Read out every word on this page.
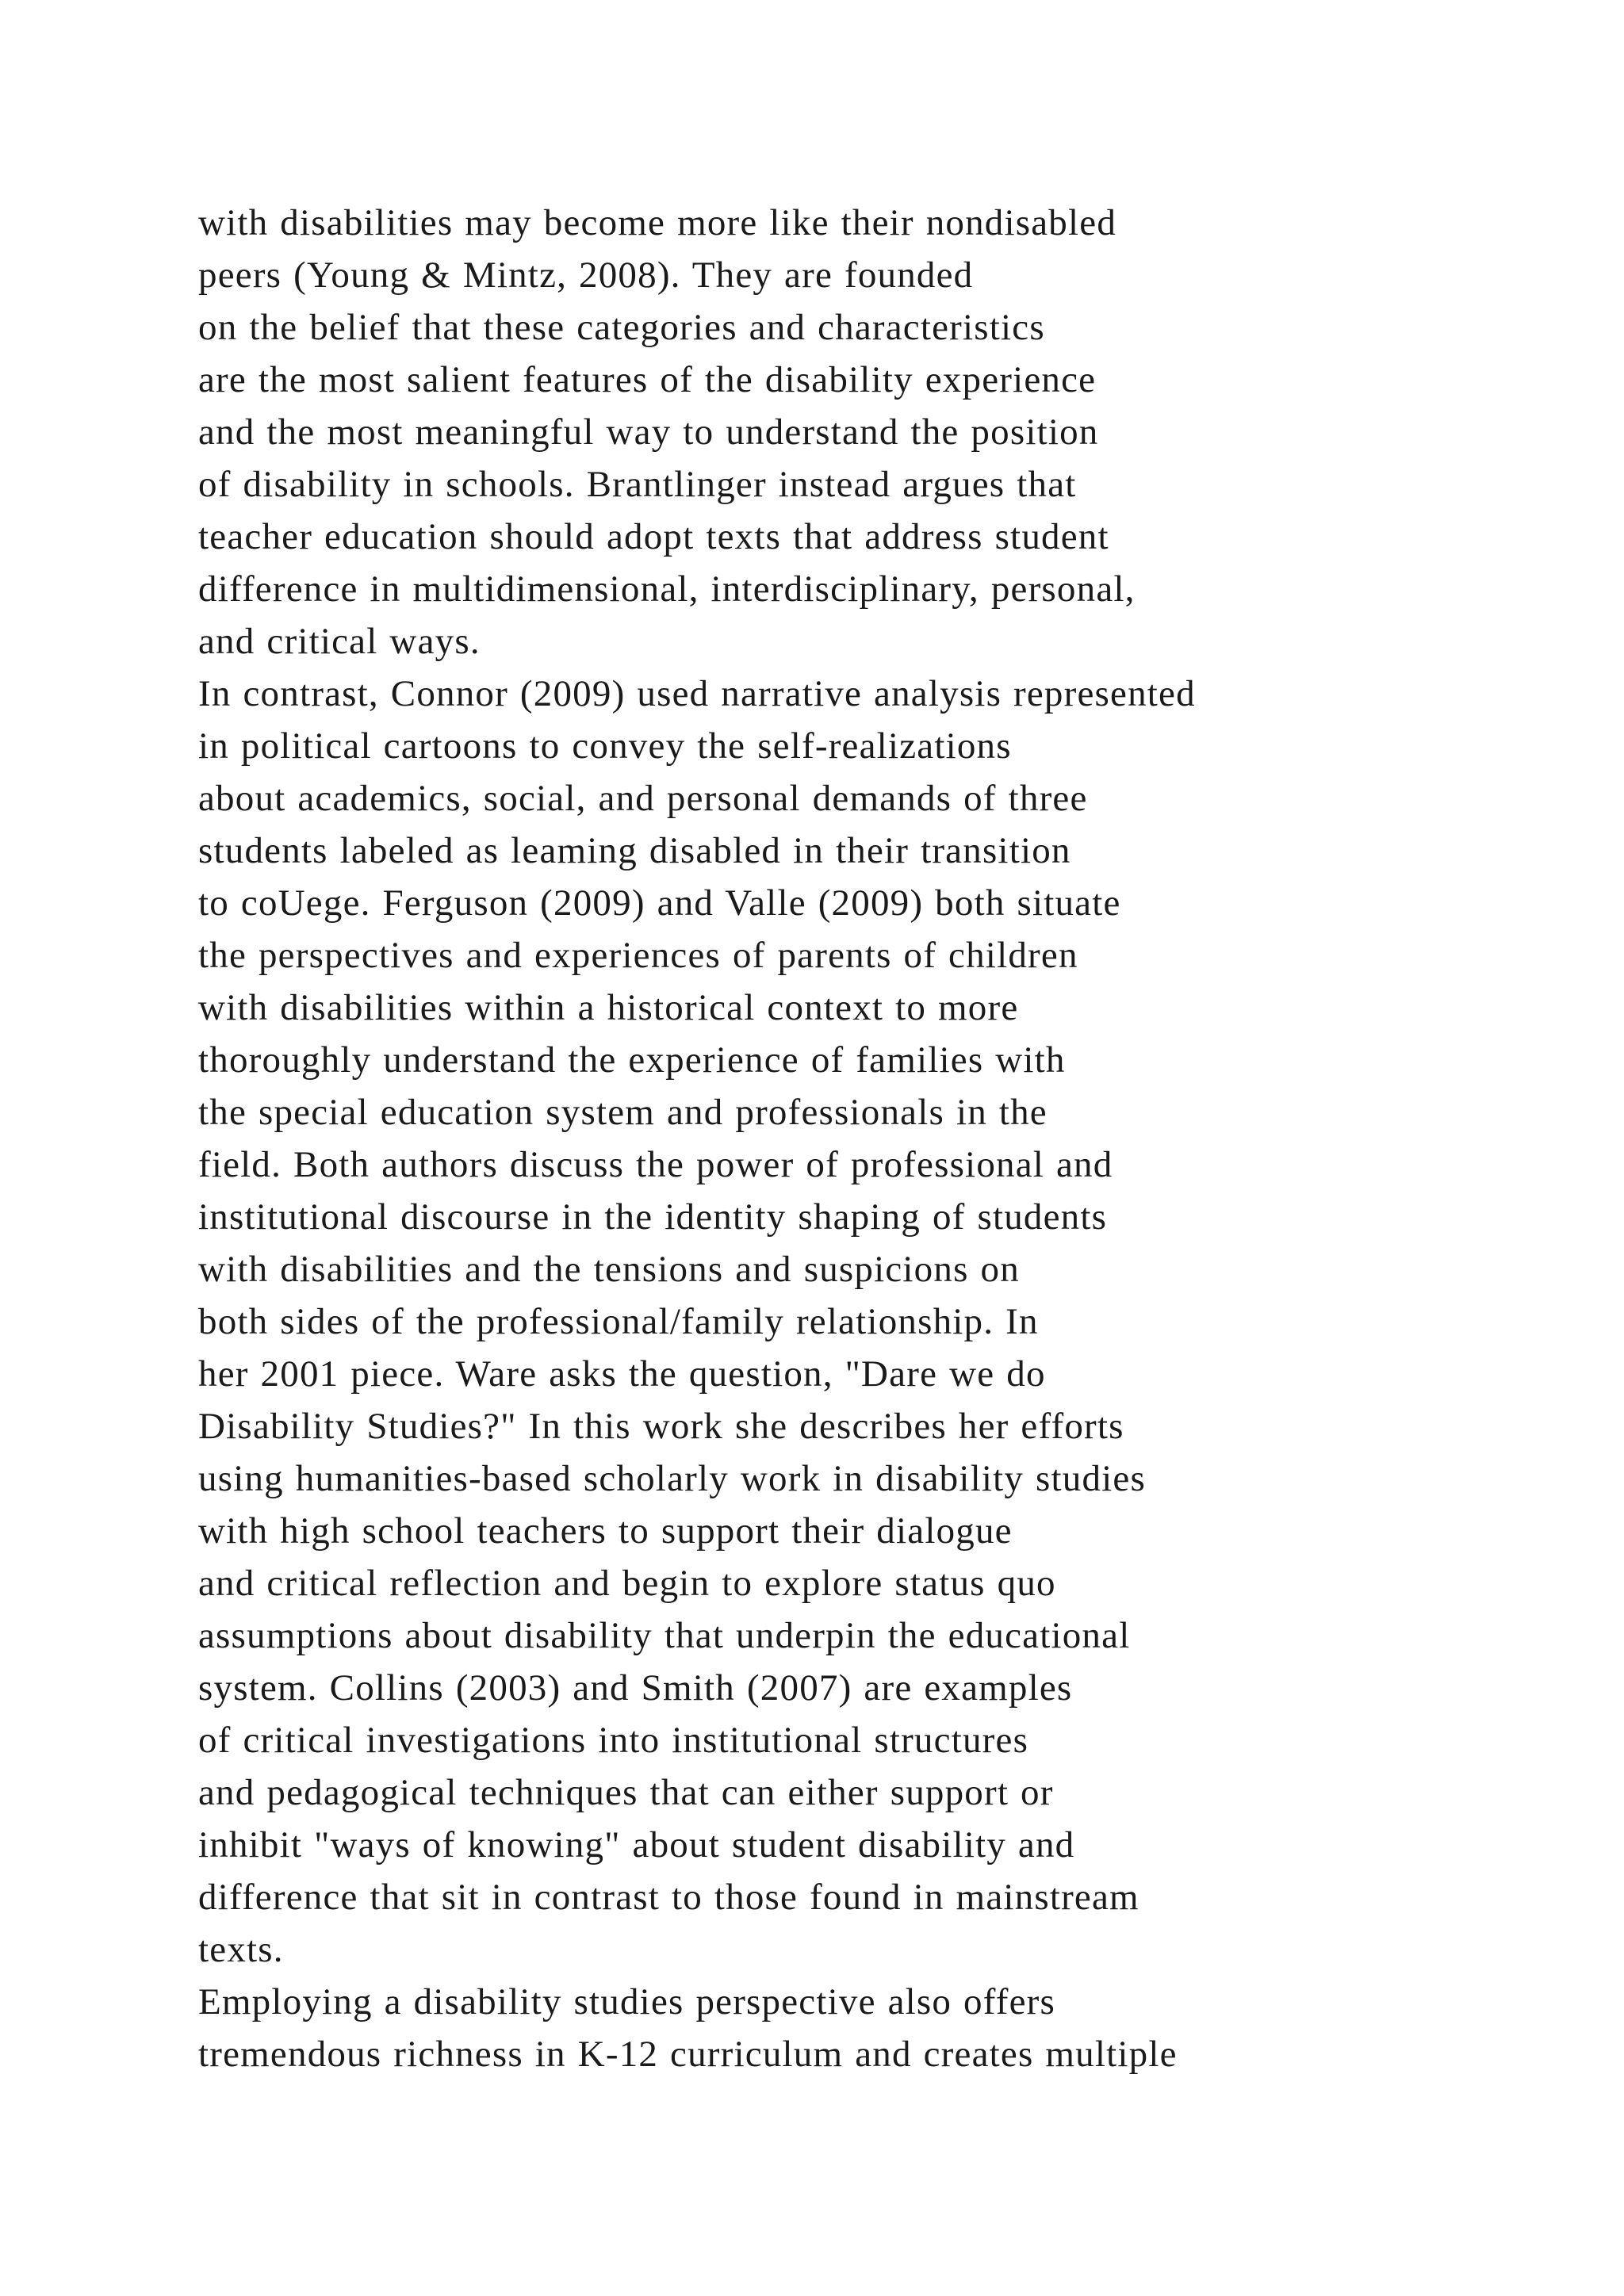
with disabilities may become more like their nondisabled
peers (Young & Mintz, 2008). They are founded
on the belief that these categories and characteristics
are the most salient features of the disability experience
and the most meaningful way to understand the position
of disability in schools. Brantlinger instead argues that
teacher education should adopt texts that address student
difference in multidimensional, interdisciplinary, personal,
and critical ways.
In contrast, Connor (2009) used narrative analysis represented
in political cartoons to convey the self-realizations
about academics, social, and personal demands of three
students labeled as leaming disabled in their transition
to coUege. Ferguson (2009) and Valle (2009) both situate
the perspectives and experiences of parents of children
with disabilities within a historical context to more
thoroughly understand the experience of families with
the special education system and professionals in the
field. Both authors discuss the power of professional and
institutional discourse in the identity shaping of students
with disabilities and the tensions and suspicions on
both sides of the professional/family relationship. In
her 2001 piece. Ware asks the question, "Dare we do
Disability Studies?" In this work she describes her efforts
using humanities-based scholarly work in disability studies
with high school teachers to support their dialogue
and critical reflection and begin to explore status quo
assumptions about disability that underpin the educational
system. Collins (2003) and Smith (2007) are examples
of critical investigations into institutional structures
and pedagogical techniques that can either support or
inhibit "ways of knowing" about student disability and
difference that sit in contrast to those found in mainstream
texts.
Employing a disability studies perspective also offers
tremendous richness in K-12 curriculum and creates multiple
